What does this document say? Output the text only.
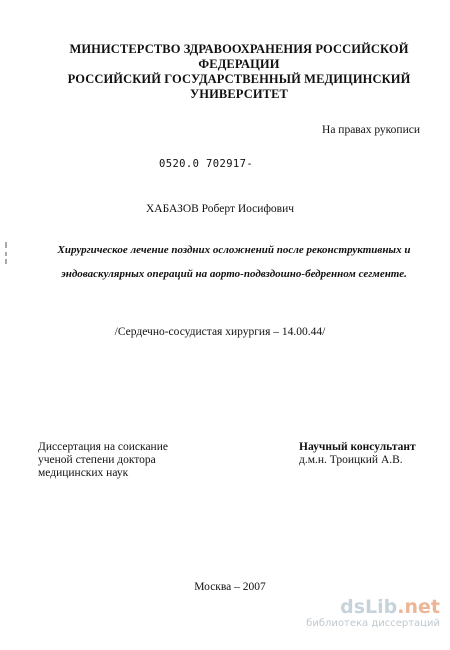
МИНИСТЕРСТВО ЗДРАВООХРАНЕНИЯ РОССИЙСКОЙ
ФЕДЕРАЦИИ
РОССИЙСКИЙ ГОСУДАРСТВЕННЫЙ МЕДИЦИНСКИЙ
УНИВЕРСИТЕТ
На правах рукописи
0520.0 702917-
ХАБАЗОВ Роберт Иосифович
Хирургическое лечение поздних осложнений после реконструктивных и
эндоваскулярных операций на аорто-подвздошно-бедренном сегменте.
/Сердечно-сосудистая хирургия – 14.00.44/
Диссертация на соискание
ученой степени доктора
медицинских наук
Научный консультант
д.м.н. Троицкий А.В.
Москва – 2007
dsLib.net
библиотека диссертаций
